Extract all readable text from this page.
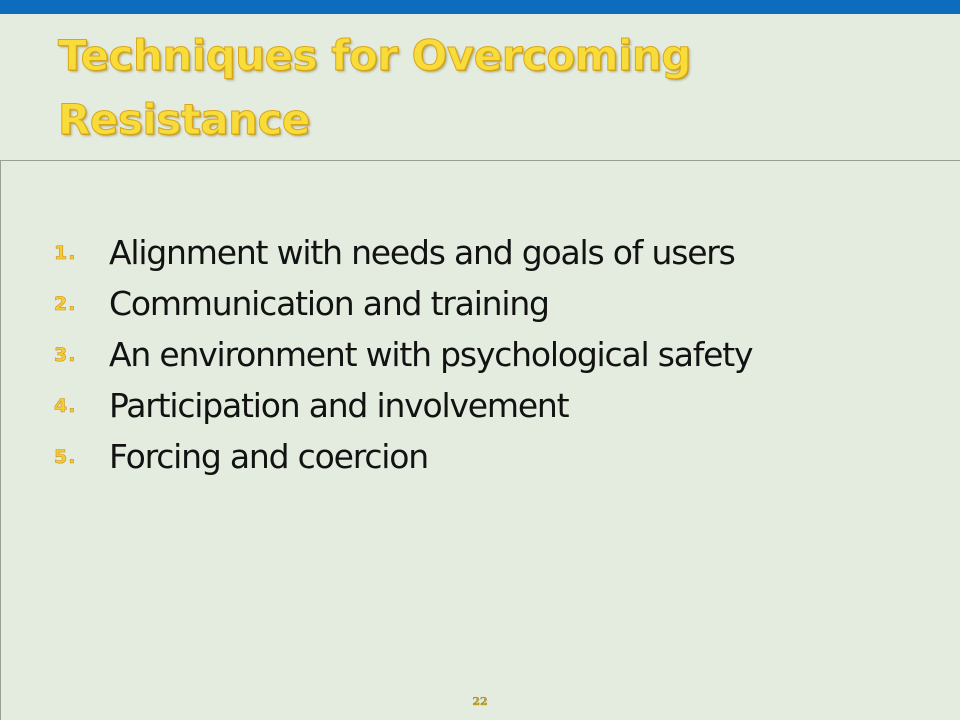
Techniques for Overcoming
Resistance
1. Alignment with needs and goals of users
2. Communication and training
3. An environment with psychological safety
4. Participation and involvement
5. Forcing and coercion
22
